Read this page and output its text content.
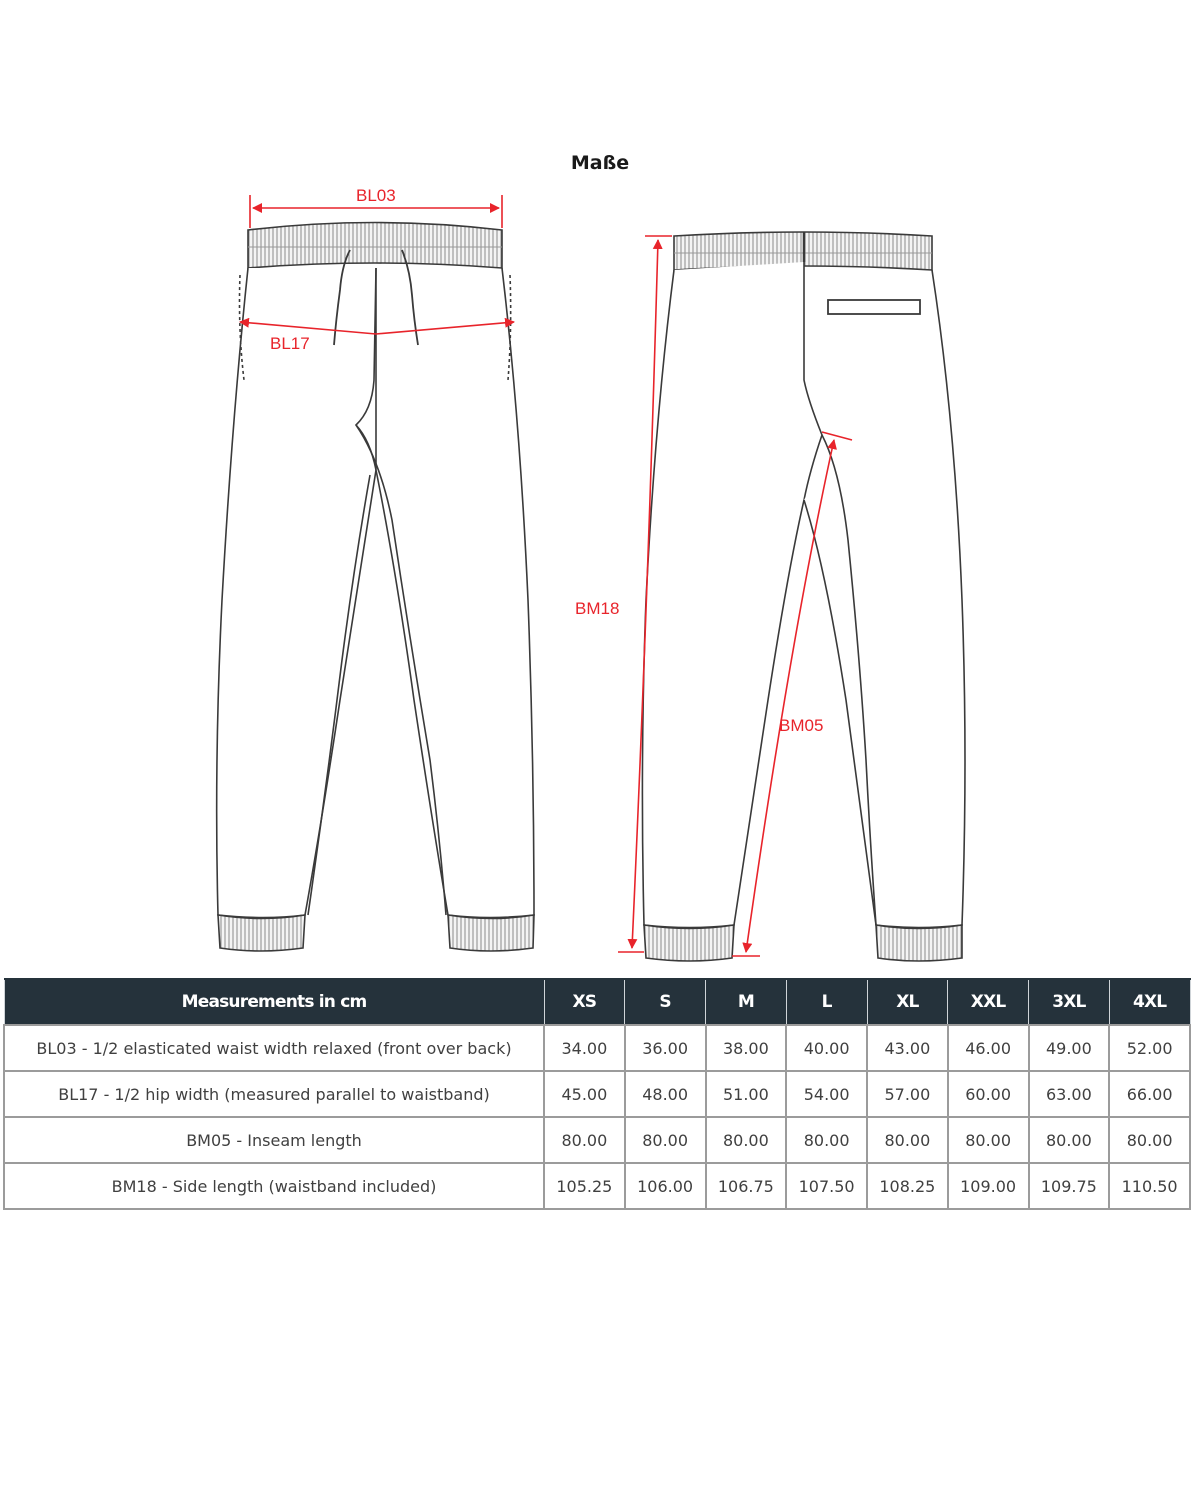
Maße
BL03
BL17
BM18
BM05
Measurements in cm	XS	S	M	L	XL	XXL	3XL	4XL
BL03 - 1/2 elasticated waist width relaxed (front over back)	34.00	36.00	38.00	40.00	43.00	46.00	49.00	52.00
BL17 - 1/2 hip width (measured parallel to waistband)	45.00	48.00	51.00	54.00	57.00	60.00	63.00	66.00
BM05 - Inseam length	80.00	80.00	80.00	80.00	80.00	80.00	80.00	80.00
BM18 - Side length (waistband included)	105.25	106.00	106.75	107.50	108.25	109.00	109.75	110.50
